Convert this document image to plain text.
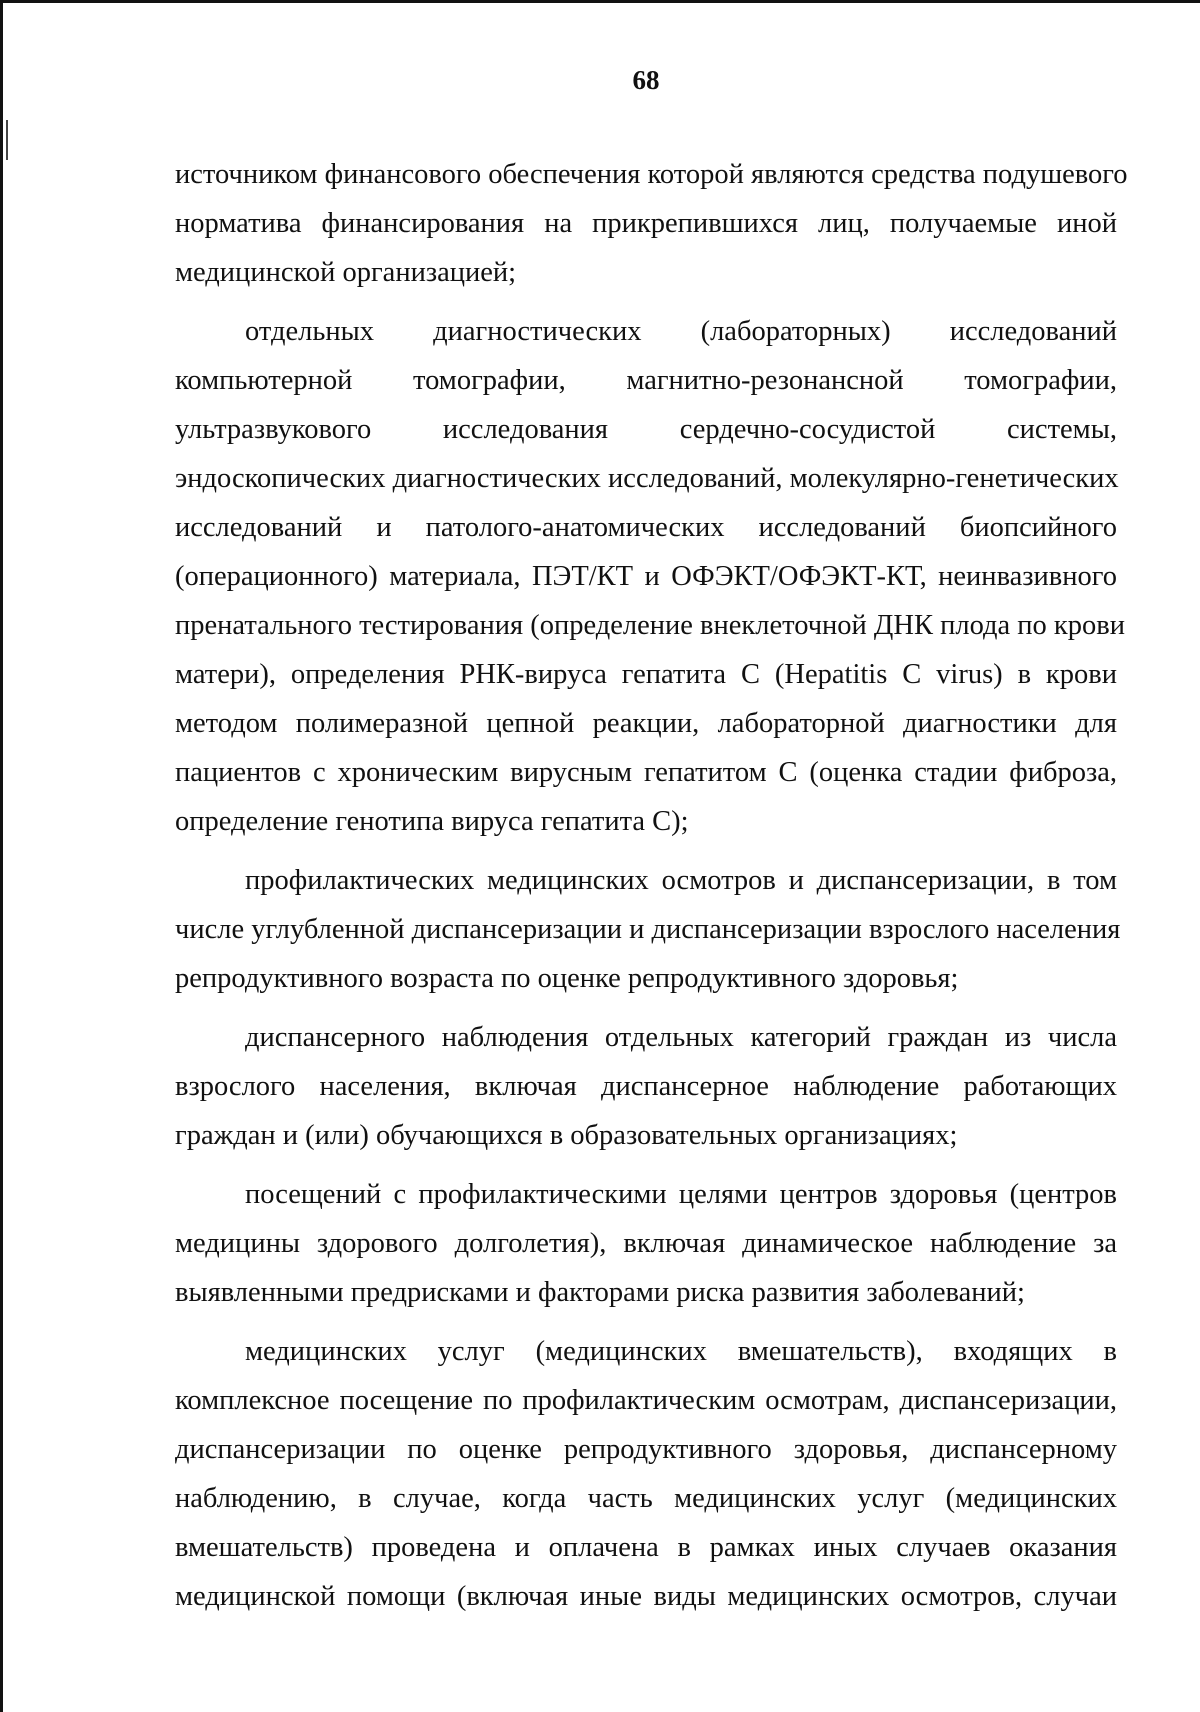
68
источником финансового обеспечения которой являются средства подушевого
норматива финансирования на прикрепившихся лиц, получаемые иной
медицинской организацией;
отдельных диагностических (лабораторных) исследований
компьютерной томографии, магнитно-резонансной томографии,
ультразвукового исследования сердечно-сосудистой системы,
эндоскопических диагностических исследований, молекулярно-генетических
исследований и патолого-анатомических исследований биопсийного
(операционного) материала, ПЭТ/КТ и ОФЭКТ/ОФЭКТ-КТ, неинвазивного
пренатального тестирования (определение внеклеточной ДНК плода по крови
матери), определения РНК-вируса гепатита С (Hepatitis C virus) в крови
методом полимеразной цепной реакции, лабораторной диагностики для
пациентов с хроническим вирусным гепатитом С (оценка стадии фиброза,
определение генотипа вируса гепатита С);
профилактических медицинских осмотров и диспансеризации, в том
числе углубленной диспансеризации и диспансеризации взрослого населения
репродуктивного возраста по оценке репродуктивного здоровья;
диспансерного наблюдения отдельных категорий граждан из числа
взрослого населения, включая диспансерное наблюдение работающих
граждан и (или) обучающихся в образовательных организациях;
посещений с профилактическими целями центров здоровья (центров
медицины здорового долголетия), включая динамическое наблюдение за
выявленными предрисками и факторами риска развития заболеваний;
медицинских услуг (медицинских вмешательств), входящих в
комплексное посещение по профилактическим осмотрам, диспансеризации,
диспансеризации по оценке репродуктивного здоровья, диспансерному
наблюдению, в случае, когда часть медицинских услуг (медицинских
вмешательств) проведена и оплачена в рамках иных случаев оказания
медицинской помощи (включая иные виды медицинских осмотров, случаи
